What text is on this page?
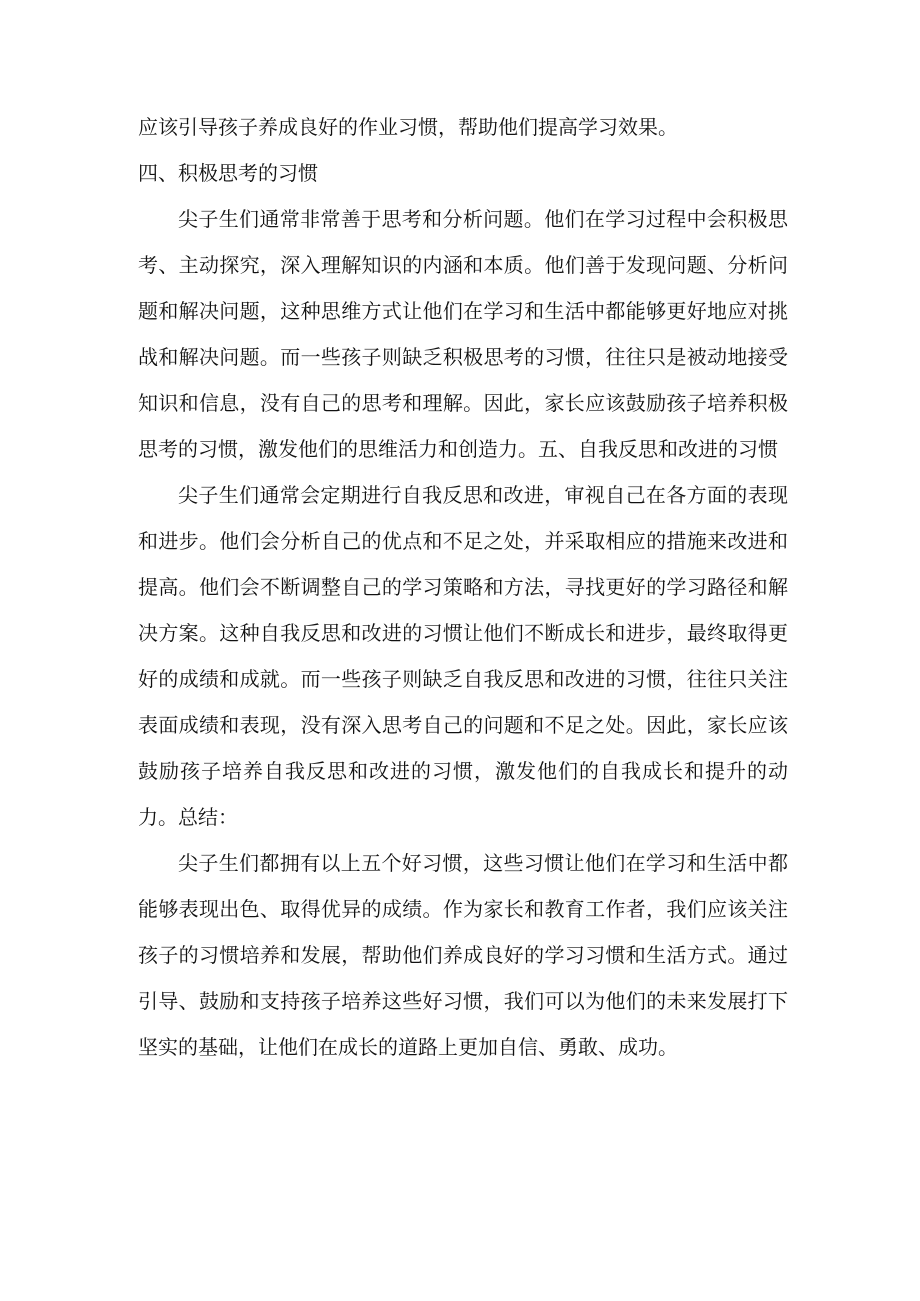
应该引导孩子养成良好的作业习惯，帮助他们提高学习效果。

四、积极思考的习惯

尖子生们通常非常善于思考和分析问题。他们在学习过程中会积极思考、主动探究，深入理解知识的内涵和本质。他们善于发现问题、分析问题和解决问题，这种思维方式让他们在学习和生活中都能够更好地应对挑战和解决问题。而一些孩子则缺乏积极思考的习惯，往往只是被动地接受知识和信息，没有自己的思考和理解。因此，家长应该鼓励孩子培养积极思考的习惯，激发他们的思维活力和创造力。五、自我反思和改进的习惯

尖子生们通常会定期进行自我反思和改进，审视自己在各方面的表现和进步。他们会分析自己的优点和不足之处，并采取相应的措施来改进和提高。他们会不断调整自己的学习策略和方法，寻找更好的学习路径和解决方案。这种自我反思和改进的习惯让他们不断成长和进步，最终取得更好的成绩和成就。而一些孩子则缺乏自我反思和改进的习惯，往往只关注表面成绩和表现，没有深入思考自己的问题和不足之处。因此，家长应该鼓励孩子培养自我反思和改进的习惯，激发他们的自我成长和提升的动力。总结：

尖子生们都拥有以上五个好习惯，这些习惯让他们在学习和生活中都能够表现出色、取得优异的成绩。作为家长和教育工作者，我们应该关注孩子的习惯培养和发展，帮助他们养成良好的学习习惯和生活方式。通过引导、鼓励和支持孩子培养这些好习惯，我们可以为他们的未来发展打下坚实的基础，让他们在成长的道路上更加自信、勇敢、成功。
